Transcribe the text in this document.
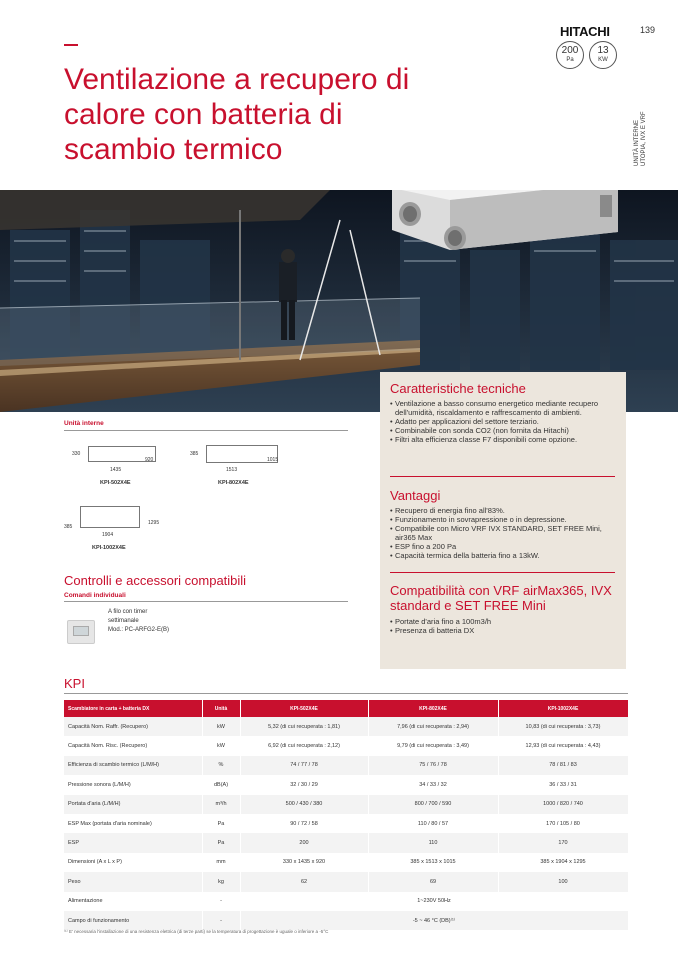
Ventilazione a recupero di calore con batteria di scambio termico
HITACHI	139
200
Pa
13
KW
UNITÀ INTERNE UTOPIA, IVX E VRF
Caratteristiche tecniche
• Ventilazione a basso consumo energetico mediante recupero dell'umidità, riscaldamento e raffrescamento di ambienti.
• Adatto per applicazioni del settore terziario.
• Combinabile con sonda CO2 (non fornita da Hitachi)
• Filtri alta efficienza classe F7 disponibili come opzione.
Vantaggi
• Recupero di energia fino all'83%.
• Funzionamento in sovrapressione o in depressione.
• Compatibile con Micro VRF IVX STANDARD, SET FREE Mini, air365 Max
• ESP fino a 200 Pa
• Capacità termica della batteria fino a 13kW.
Compatibilità con VRF airMax365, IVX standard e SET FREE Mini
• Portate d'aria fino a 100m3/h
• Presenza di batteria DX
Unità interne
330
920
1435
KPI-502X4E
385
1015
1513
KPI-802X4E
385
1295
1904
KPI-1002X4E
Controlli e accessori compatibili
Comandi individuali
A filo con timer
settimanale
Mod.: PC-ARFG2-E(B)
KPI
Scambiatore in carta + batteria DX	Unità	KPI-502X4E	KPI-802X4E	KPI-1002X4E
Capacità Nom. Raffr. (Recupero)	kW	5,32 (di cui recuperata : 1,81)	7,96 (di cui recuperata : 2,94)	10,83 (di cui recuperata : 3,73)
Capacità Nom. Risc. (Recupero)	kW	6,92 (di cui recuperata : 2,12)	9,79 (di cui recuperata : 3,49)	12,93 (di cui recuperata : 4,43)
Efficienza di scambio termico (L/M/H)	%	74 / 77 / 78	75 / 76 / 78	78 / 81 / 83
Pressione sonora (L/M/H)	dB(A)	32 / 30 / 29	34 / 33 / 32	36 / 33 / 31
Portata d'aria (L/M/H)	m³/h	500 / 430 / 380	800 / 700 / 590	1000 / 820 / 740
ESP Max (portata d'aria nominale)	Pa	90 / 72 / 58	110 / 80 / 57	170 / 105 / 80
ESP	Pa	200	110	170
Dimensioni (A x L x P)	mm	330 x 1435 x 920	385 x 1513 x 1015	385 x 1904 x 1295
Peso	kg	62	69	100
Alimentazione	-	1~230V 50Hz		
Campo di funzionamento	-	-5 ~ 46 °C (DB)⁽¹⁾		
⁽¹⁾ E' necessaria l'installazione di una resistenza elettrica (di terze parti) se la temperatura di progettazione è uguale o inferiore a -5°C
